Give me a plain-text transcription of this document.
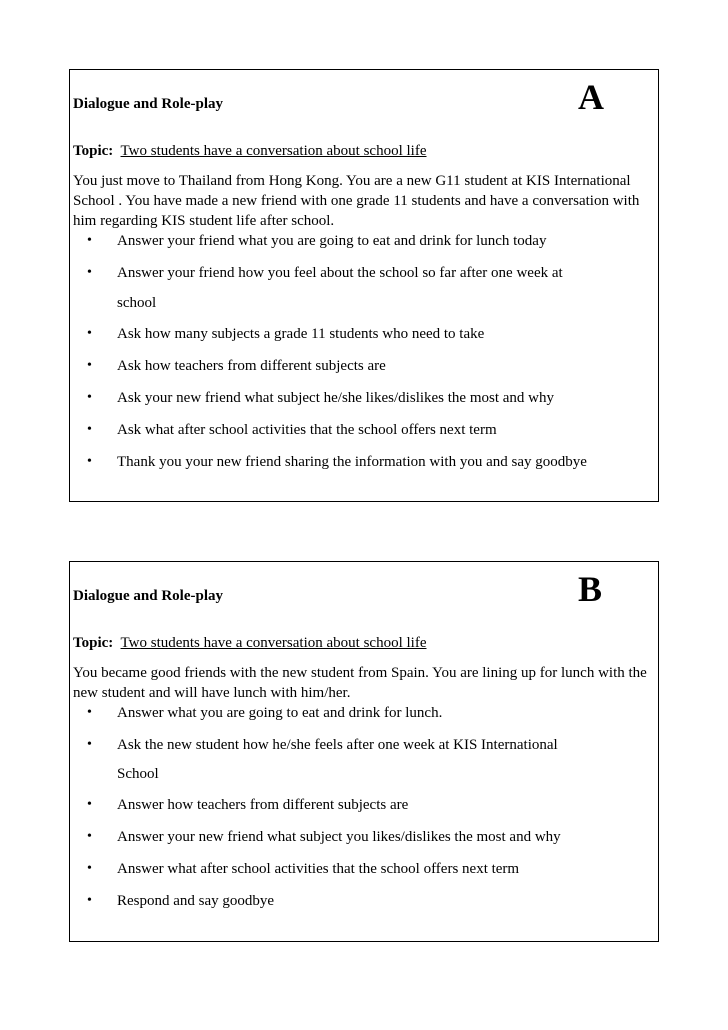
Dialogue and Role-play	A
Topic: Two students have a conversation about school life
You just move to Thailand from Hong Kong. You are a new G11 student at KIS International School . You have made a new friend with one grade 11 students and have a conversation with him regarding KIS student life after school.
• Answer your friend what you are going to eat and drink for lunch today
• Answer your friend how you feel about the school so far after one week at
school
• Ask how many subjects a grade 11 students who need to take
• Ask how teachers from different subjects are
• Ask your new friend what subject he/she likes/dislikes the most and why
• Ask what after school activities that the school offers next term
• Thank you your new friend sharing the information with you and say goodbye
Dialogue and Role-play	B
Topic: Two students have a conversation about school life
You became good friends with the new student from Spain. You are lining up for lunch with the new student and will have lunch with him/her.
• Answer what you are going to eat and drink for lunch.
• Ask the new student how he/she feels after one week at KIS International
School
• Answer how teachers from different subjects are
• Answer your new friend what subject you likes/dislikes the most and why
• Answer what after school activities that the school offers next term
• Respond and say goodbye
